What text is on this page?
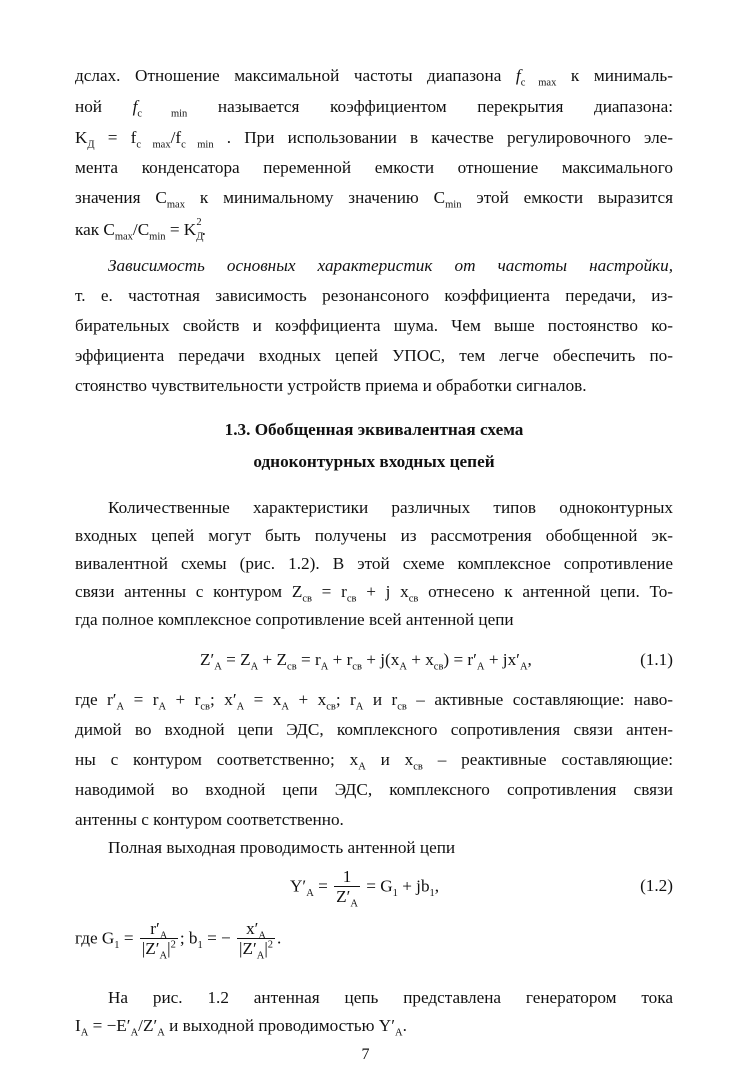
дслах. Отношение максимальной частоты диапазона $f_{c max}$ к минималь-
ной $f_{c min}$ называется коэффициентом перекрытия диапазона:
$K_Д = f_{c max}/f_{c min}$ . При использовании в качестве регулировочного эле-
мента конденсатора переменной емкости отношение максимального
значения $C_{max}$ к минимальному значению $C_{min}$ этой емкости выразится
как $C_{max}/C_{min} = K_Д^2$.
Зависимость основных характеристик от частоты настройки,
т. е. частотная зависимость резонансоного коэффициента передачи, из-
бирательных свойств и коэффициента шума. Чем выше постоянство ко-
эффициента передачи входных цепей УПОС, тем легче обеспечить по-
стоянство чувствительности устройств приема и обработки сигналов.
1.3. Обобщенная эквивалентная схема
одноконтурных входных цепей
Количественные характеристики различных типов одноконтурных
входных цепей могут быть получены из рассмотрения обобщенной эк-
вивалентной схемы (рис. 1.2). В этой схеме комплексное сопротивление
связи антенны с контуром $Z_{св} = r_{св} + j$ $x_{св}$ отнесено к антенной цепи. То-
гда полное комплексное сопротивление всей антенной цепи
$Z'_A = Z_A + Z_{св} = r_A + r_{св} + j(x_A + x_{св}) = r'_A + jx'_A$,	(1.1)
где $r'_A = r_A + r_{св}$; $x'_A = x_A + x_{св}$; $r_A$ и $r_{св}$ – активные составляющие: наво-
димой во входной цепи ЭДС, комплексного сопротивления связи антен-
ны с контуром соответственно; $x_A$ и $x_{св}$ – реактивные составляющие:
наводимой во входной цепи ЭДС, комплексного сопротивления связи
антенны с контуром соответственно.
Полная выходная проводимость антенной цепи
$Y'_A = \frac{1}{Z'_A} = G_1 + jb_1$,	(1.2)
где $G_1 = \frac{r'_A}{|Z'_A|^2}$ ; $b_1$ = − $\frac{x'_A}{|Z'_A|^2}$ .
На рис. 1.2 антенная цепь представлена генератором тока
$I_A = -E'_A/Z'_A$ и выходной проводимостью $Y'_A$.
7
